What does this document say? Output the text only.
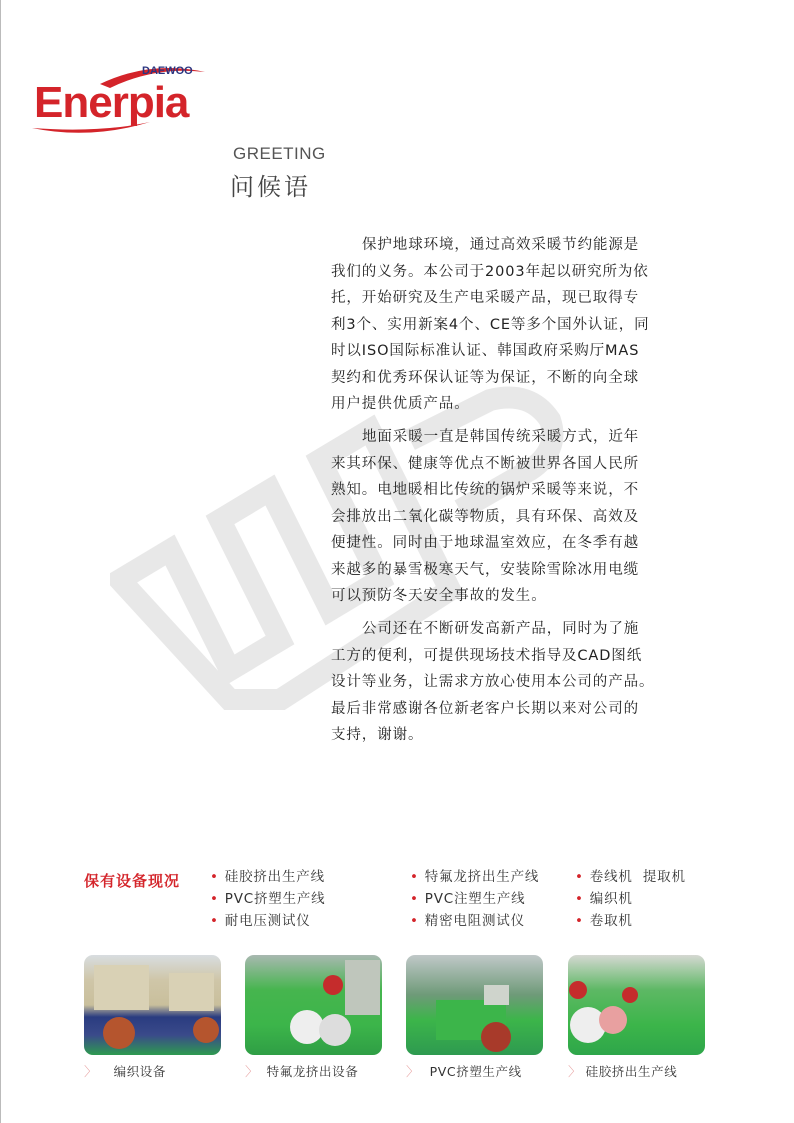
Enerpia
DAEWOO
GREETING
问候语
保护地球环境，通过高效采暖节约能源是
我们的义务。本公司于2003年起以研究所为依
托，开始研究及生产电采暖产品，现已取得专
利3个、实用新案4个、CE等多个国外认证，同
时以ISO国际标准认证、韩国政府采购厅MAS
契约和优秀环保认证等为保证，不断的向全球
用户提供优质产品。
地面采暖一直是韩国传统采暖方式，近年
来其环保、健康等优点不断被世界各国人民所
熟知。电地暖相比传统的锅炉采暖等来说，不
会排放出二氧化碳等物质，具有环保、高效及
便捷性。同时由于地球温室效应，在冬季有越
来越多的暴雪极寒天气，安装除雪除冰用电缆
可以预防冬天安全事故的发生。
公司还在不断研发高新产品，同时为了施
工方的便利，可提供现场技术指导及CAD图纸
设计等业务，让需求方放心使用本公司的产品。
最后非常感谢各位新老客户长期以来对公司的
支持，谢谢。
保有设备现况 • 硅胶挤出生产线
• PVC挤塑生产线
• 耐电压测试仪
• 特氟龙挤出生产线
• PVC注塑生产线
• 精密电阻测试仪
• 卷线机  提取机
• 编织机
• 卷取机
〉 编织设备	〉 特氟龙挤出设备	〉 PVC挤塑生产线	〉 硅胶挤出生产线
